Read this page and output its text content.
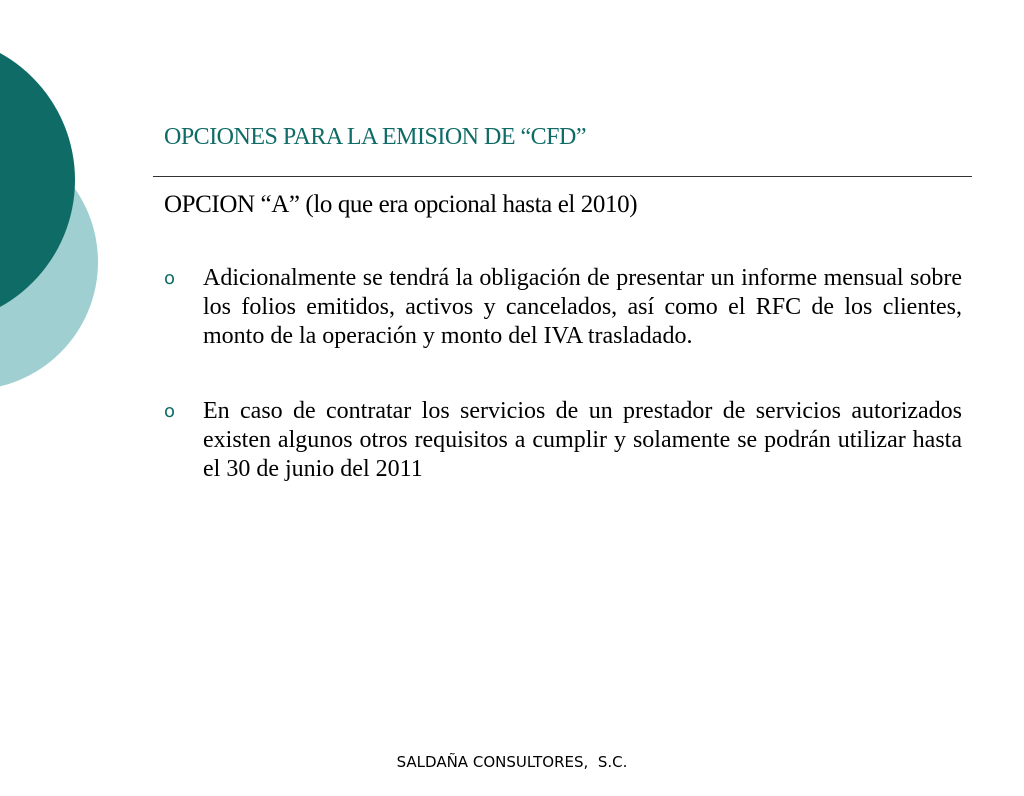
OPCIONES PARA LA EMISION DE “CFD”

OPCION “A” (lo que era opcional hasta el 2010)

o Adicionalmente se tendrá la obligación de presentar un informe mensual sobre los folios emitidos, activos y cancelados, así como el RFC de los clientes, monto de la operación y monto del IVA trasladado.
o En caso de contratar los servicios de un prestador de servicios autorizados existen algunos otros requisitos a cumplir y solamente se podrán utilizar hasta el 30 de junio del 2011
SALDAÑA CONSULTORES,  S.C.
